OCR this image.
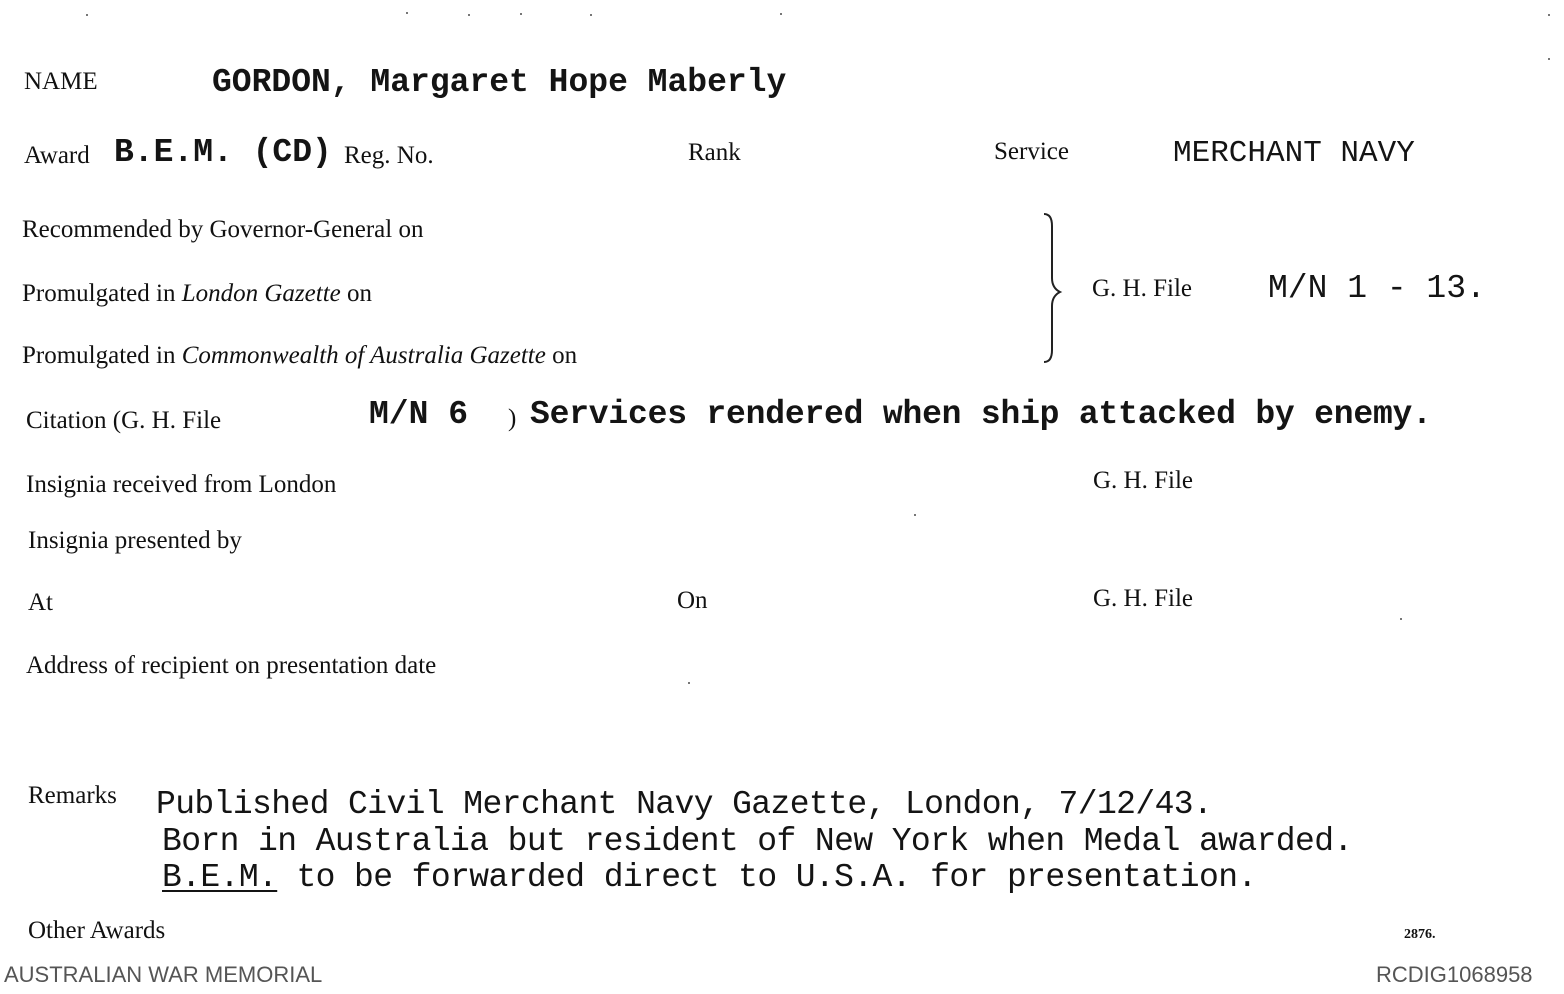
NAME	GORDON, Margaret Hope Maberly
Award B.E.M. (CD) Reg. No.	Rank	Service	MERCHANT NAVY
Recommended by Governor-General on
Promulgated in London Gazette on
Promulgated in Commonwealth of Australia Gazette on
G. H. File M/N 1 - 13.
Citation (G. H. File	M/N 6 ) Services rendered when ship attacked by enemy.
Insignia received from London	G. H. File
Insignia presented by
At	On	G. H. File
Address of recipient on presentation date
Remarks Published Civil Merchant Navy Gazette, London, 7/12/43.
Born in Australia but resident of New York when Medal awarded.
B.E.M. to be forwarded direct to U.S.A. for presentation.
Other Awards	2876.
AUSTRALIAN WAR MEMORIAL	RCDIG1068958
